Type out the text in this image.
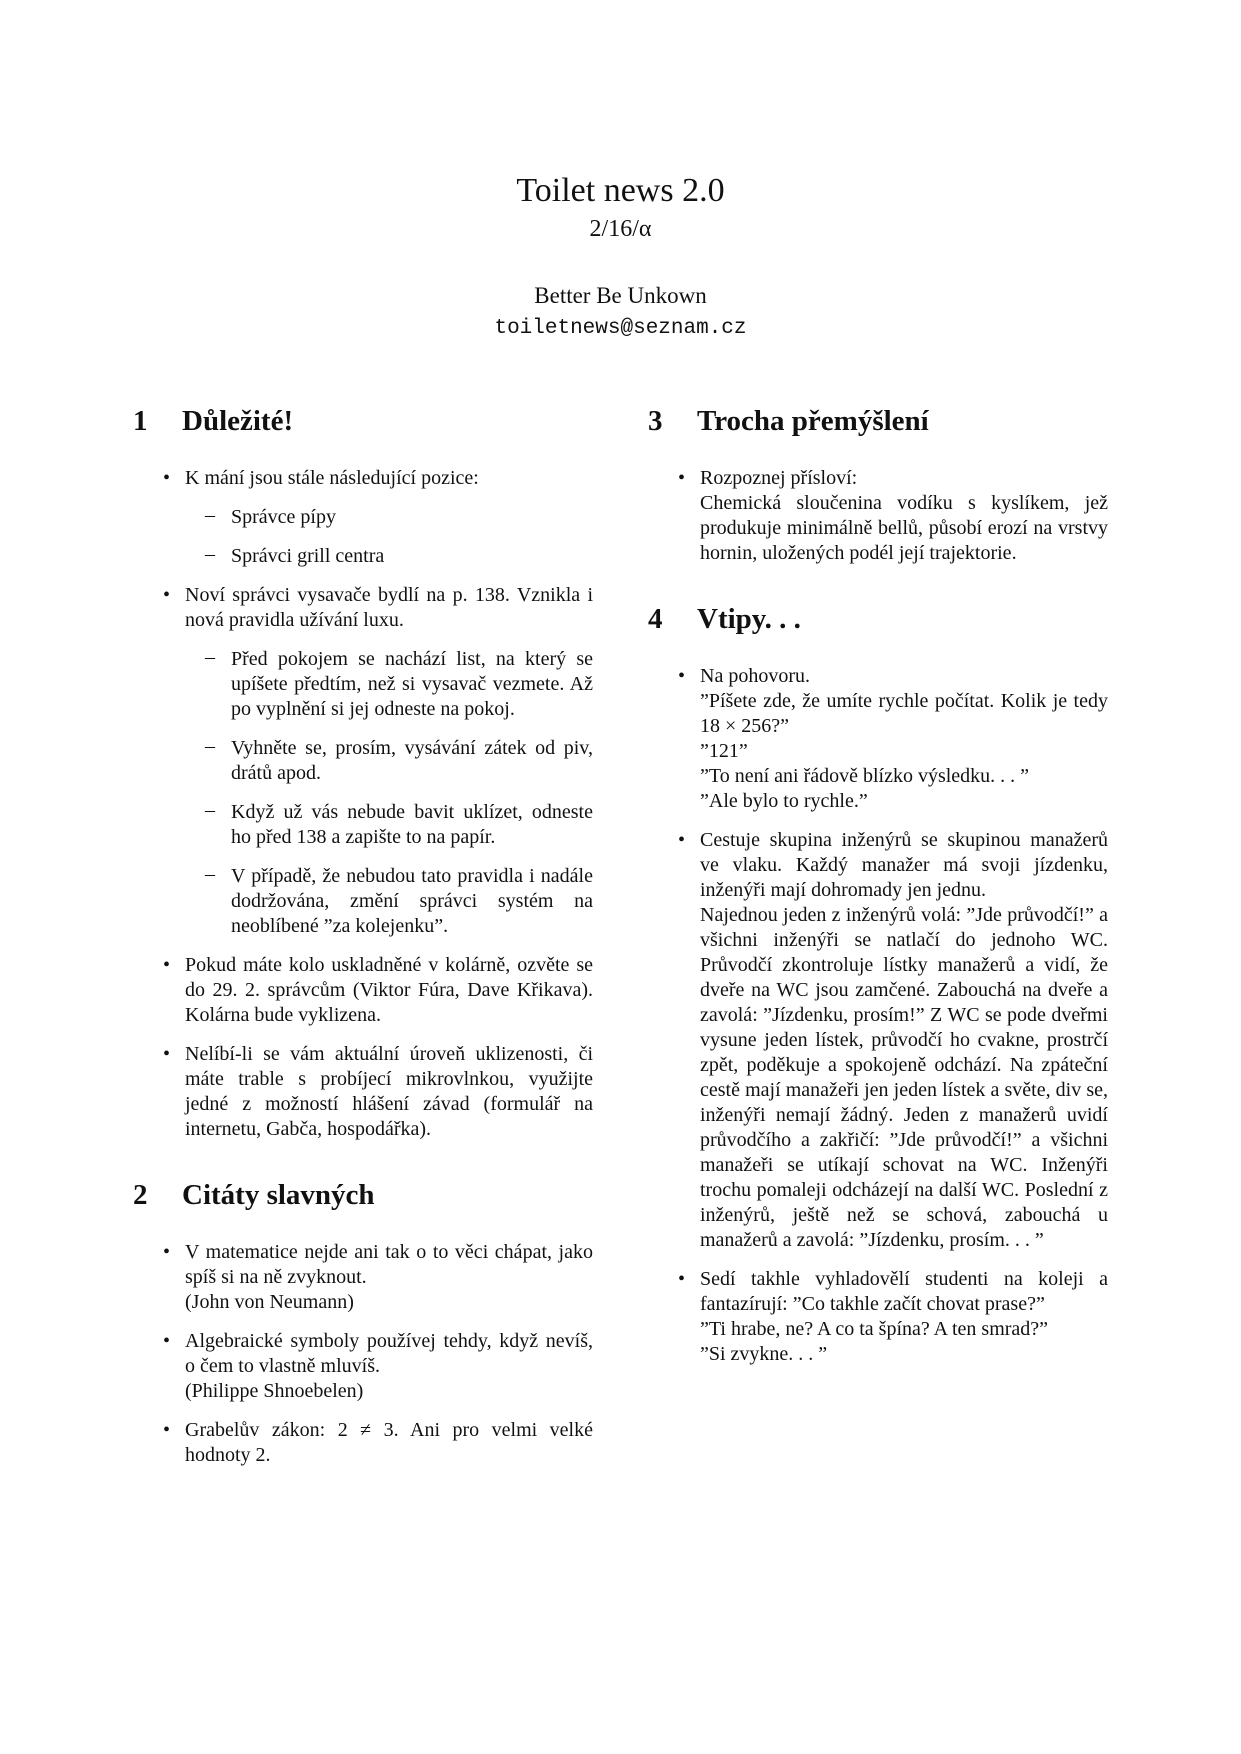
Toilet news 2.0
2/16/α
Better Be Unkown
toiletnews@seznam.cz
1	Důležité!
• K mání jsou stále následující pozice:
– Správce pípy
– Správci grill centra
• Noví správci vysavače bydlí na p. 138. Vznikla i nová pravidla užívání luxu.
– Před pokojem se nachází list, na který se upíšete předtím, než si vysavač vezmete. Až po vyplnění si jej odneste na pokoj.
– Vyhněte se, prosím, vysávání zátek od piv, drátů apod.
– Když už vás nebude bavit uklízet, odneste ho před 138 a zapište to na papír.
– V případě, že nebudou tato pravidla i nadále dodržována, změní správci systém na neoblíbené ”za kolejenku”.
• Pokud máte kolo uskladněné v kolárně, ozvěte se do 29. 2. správcům (Viktor Fúra, Dave Křikava). Kolárna bude vyklizena.
• Nelíbí-li se vám aktuální úroveň uklizenosti, či máte trable s probíjecí mikrovlnkou, využijte jedné z možností hlášení závad (formulář na internetu, Gabča, hospodářka).
2	Citáty slavných
• V matematice nejde ani tak o to věci chápat, jako spíš si na ně zvyknout.
(John von Neumann)
• Algebraické symboly používej tehdy, když nevíš, o čem to vlastně mluvíš.
(Philippe Shnoebelen)
• Grabelův zákon: 2 ≠ 3. Ani pro velmi velké hodnoty 2.
3	Trocha přemýšlení
• Rozpoznej přísloví:
Chemická sloučenina vodíku s kyslíkem, jež produkuje minimálně bellů, působí erozí na vrstvy hornin, uložených podél její trajektorie.
4	Vtipy. . .
• Na pohovoru.
”Píšete zde, že umíte rychle počítat. Kolik je tedy 18 × 256?”
”121”
”To není ani řádově blízko výsledku. . . ”
”Ale bylo to rychle.”
• Cestuje skupina inženýrů se skupinou manažerů ve vlaku. Každý manažer má svoji jízdenku, inženýři mají dohromady jen jednu.
Najednou jeden z inženýrů volá: ”Jde průvodčí!” a všichni inženýři se natlačí do jednoho WC. Průvodčí zkontroluje lístky manažerů a vidí, že dveře na WC jsou zamčené. Zabouchá na dveře a zavolá: ”Jízdenku, prosím!” Z WC se pode dveřmi vysune jeden lístek, průvodčí ho cvakne, prostrčí zpět, poděkuje a spokojeně odchází. Na zpáteční cestě mají manažeři jen jeden lístek a světe, div se, inženýři nemají žádný. Jeden z manažerů uvidí průvodčího a zakřičí: ”Jde průvodčí!” a všichni manažeři se utíkají schovat na WC. Inženýři trochu pomaleji odcházejí na další WC. Poslední z inženýrů, ještě než se schová, zabouchá u manažerů a zavolá: ”Jízdenku, prosím. . . ”
• Sedí takhle vyhladovělí studenti na koleji a fantazírují: ”Co takhle začít chovat prase?”
”Ti hrabe, ne? A co ta špína? A ten smrad?”
”Si zvykne. . . ”
